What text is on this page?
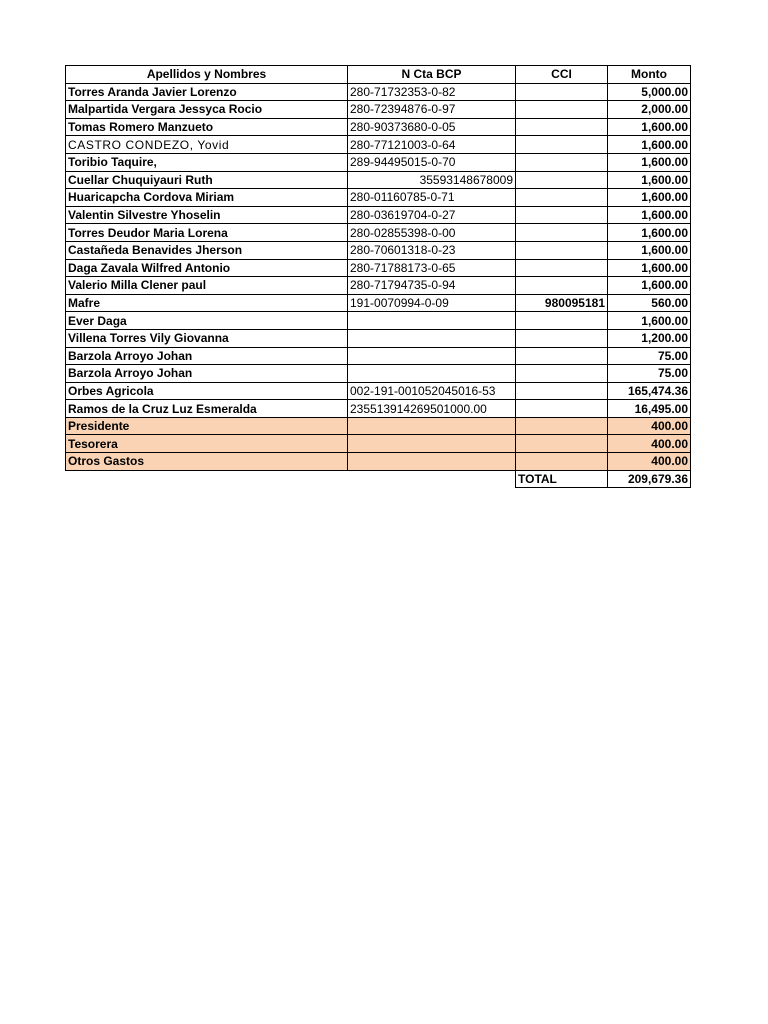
Apellidos y Nombres	N Cta BCP	CCI	Monto
Torres Aranda Javier Lorenzo	280-71732353-0-82		5,000.00
Malpartida Vergara Jessyca Rocio	280-72394876-0-97		2,000.00
Tomas Romero Manzueto	280-90373680-0-05		1,600.00
CASTRO CONDEZO, Yovid	280-77121003-0-64		1,600.00
Toribio Taquire,	289-94495015-0-70		1,600.00
Cuellar Chuquiyauri Ruth	35593148678009		1,600.00
Huaricapcha Cordova Miriam	280-01160785-0-71		1,600.00
Valentin Silvestre Yhoselin	280-03619704-0-27		1,600.00
Torres Deudor Maria Lorena	280-02855398-0-00		1,600.00
Castañeda Benavides Jherson	280-70601318-0-23		1,600.00
Daga Zavala Wilfred Antonio	280-71788173-0-65		1,600.00
Valerio Milla Clener paul	280-71794735-0-94		1,600.00
Mafre	191-0070994-0-09	980095181	560.00
Ever Daga			1,600.00
Villena Torres Vily Giovanna			1,200.00
Barzola Arroyo Johan			75.00
Barzola Arroyo Johan			75.00
Orbes Agricola	002-191-001052045016-53		165,474.36
Ramos de la Cruz Luz Esmeralda	235513914269501000.00		16,495.00
Presidente			400.00
Tesorera			400.00
Otros Gastos			400.00
		TOTAL	209,679.36
